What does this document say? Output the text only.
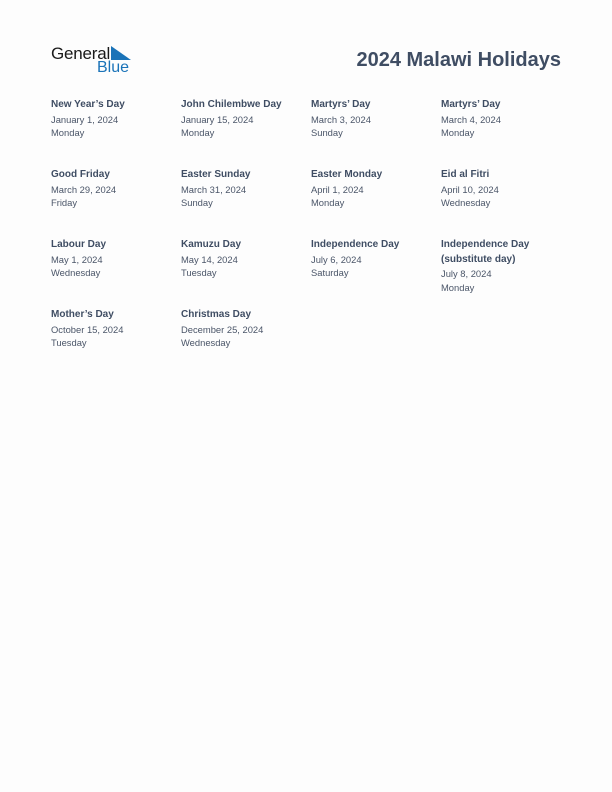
General
Blue	2024 Malawi Holidays
New Year’s Day
January 1, 2024
Monday
John Chilembwe Day
January 15, 2024
Monday
Martyrs’ Day
March 3, 2024
Sunday
Martyrs’ Day
March 4, 2024
Monday
Good Friday
March 29, 2024
Friday
Easter Sunday
March 31, 2024
Sunday
Easter Monday
April 1, 2024
Monday
Eid al Fitri
April 10, 2024
Wednesday
Labour Day
May 1, 2024
Wednesday
Kamuzu Day
May 14, 2024
Tuesday
Independence Day
July 6, 2024
Saturday
Independence Day (substitute day)
July 8, 2024
Monday
Mother’s Day
October 15, 2024
Tuesday
Christmas Day
December 25, 2024
Wednesday
